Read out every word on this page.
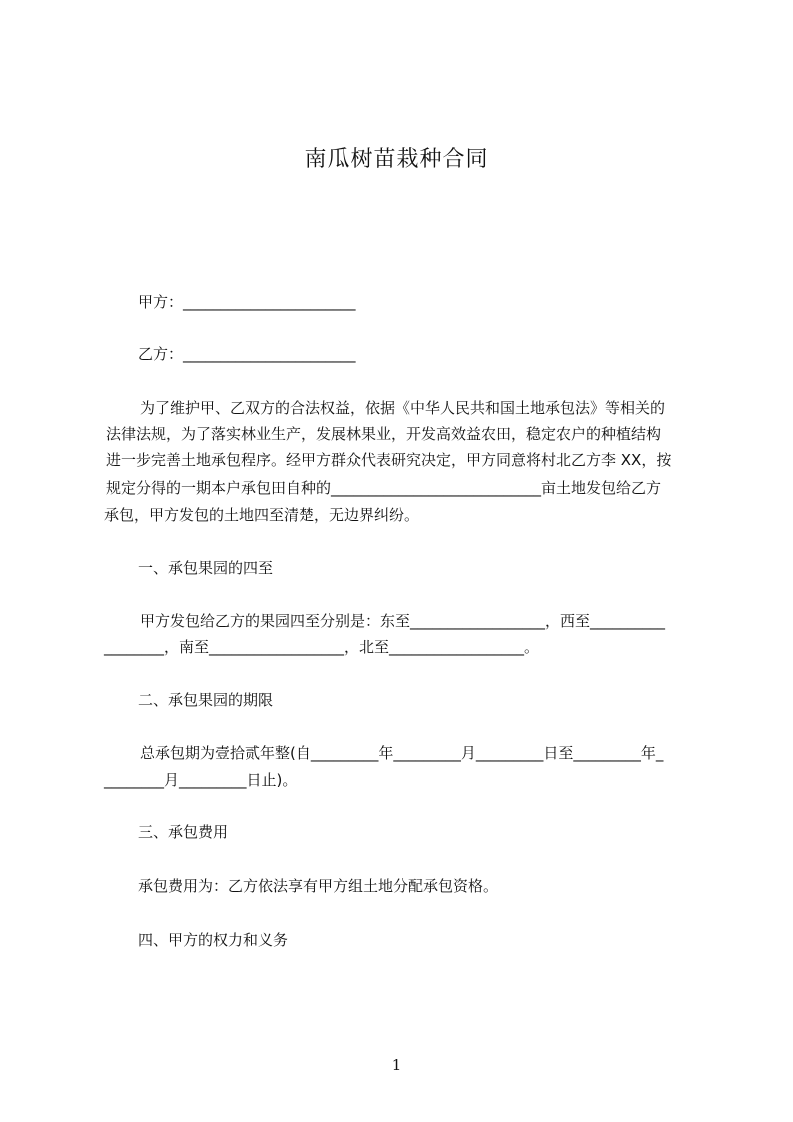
南瓜树苗栽种合同
甲方：_______________________
乙方：_______________________
为了维护甲、乙双方的合法权益，依据《中华人民共和国土地承包法》等相关的
法律法规，为了落实林业生产，发展林果业，开发高效益农田，稳定农户的种植结构
进一步完善土地承包程序。经甲方群众代表研究决定，甲方同意将村北乙方李 XX，按
规定分得的一期本户承包田自种的____________________________亩土地发包给乙方
承包，甲方发包的土地四至清楚，无边界纠纷。
一、承包果园的四至
甲方发包给乙方的果园四至分别是：东至__________________，西至__________
________，南至__________________，北至__________________。
二、承包果园的期限
总承包期为壹拾贰年整(自_________年_________月_________日至_________年_
________月_________日止)。
三、承包费用
承包费用为：乙方依法享有甲方组土地分配承包资格。
四、甲方的权力和义务
1
